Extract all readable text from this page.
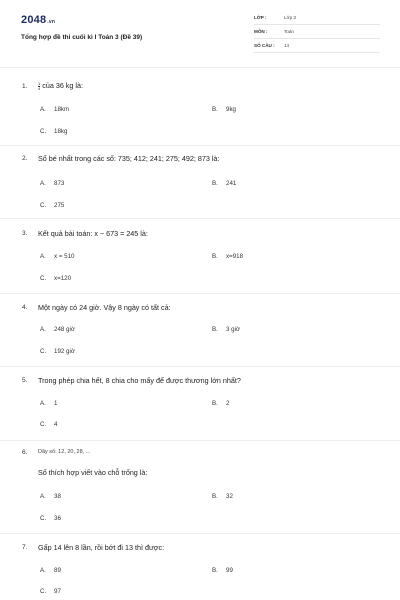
2048.vn
Tổng hợp đề thi cuối kì I Toán 3 (Đề 39)
LỚP :	Lớp 3
MÔN :	Toán
SỐ CÂU : 14
1.	$\frac{1}{4}$ của 36 kg là:
A. 18km	B. 9kg
C. 18kg
2. Số bé nhất trong các số: 735; 412; 241; 275; 492; 873 là:
A. 873	B. 241
C. 275
3. Kết quả bài toán: x − 673 = 245 là:
A. x = 510	B. x=918
C. x=120
4. Một ngày có 24 giờ. Vậy 8 ngày có tất cả:
A. 248 giờ	B. 3 giờ
C. 192 giờ
5. Trong phép chia hết, 8 chia cho mấy để được thương lớn nhất?
A. 1	B. 2
C. 4
6. Dãy số: 12, 20, 28, ...
Số thích hợp viết vào chỗ trống là:
A. 38	B. 32
C. 36
7. Gấp 14 lên 8 lần, rồi bớt đi 13 thì được:
A. 89	B. 99
C. 97
